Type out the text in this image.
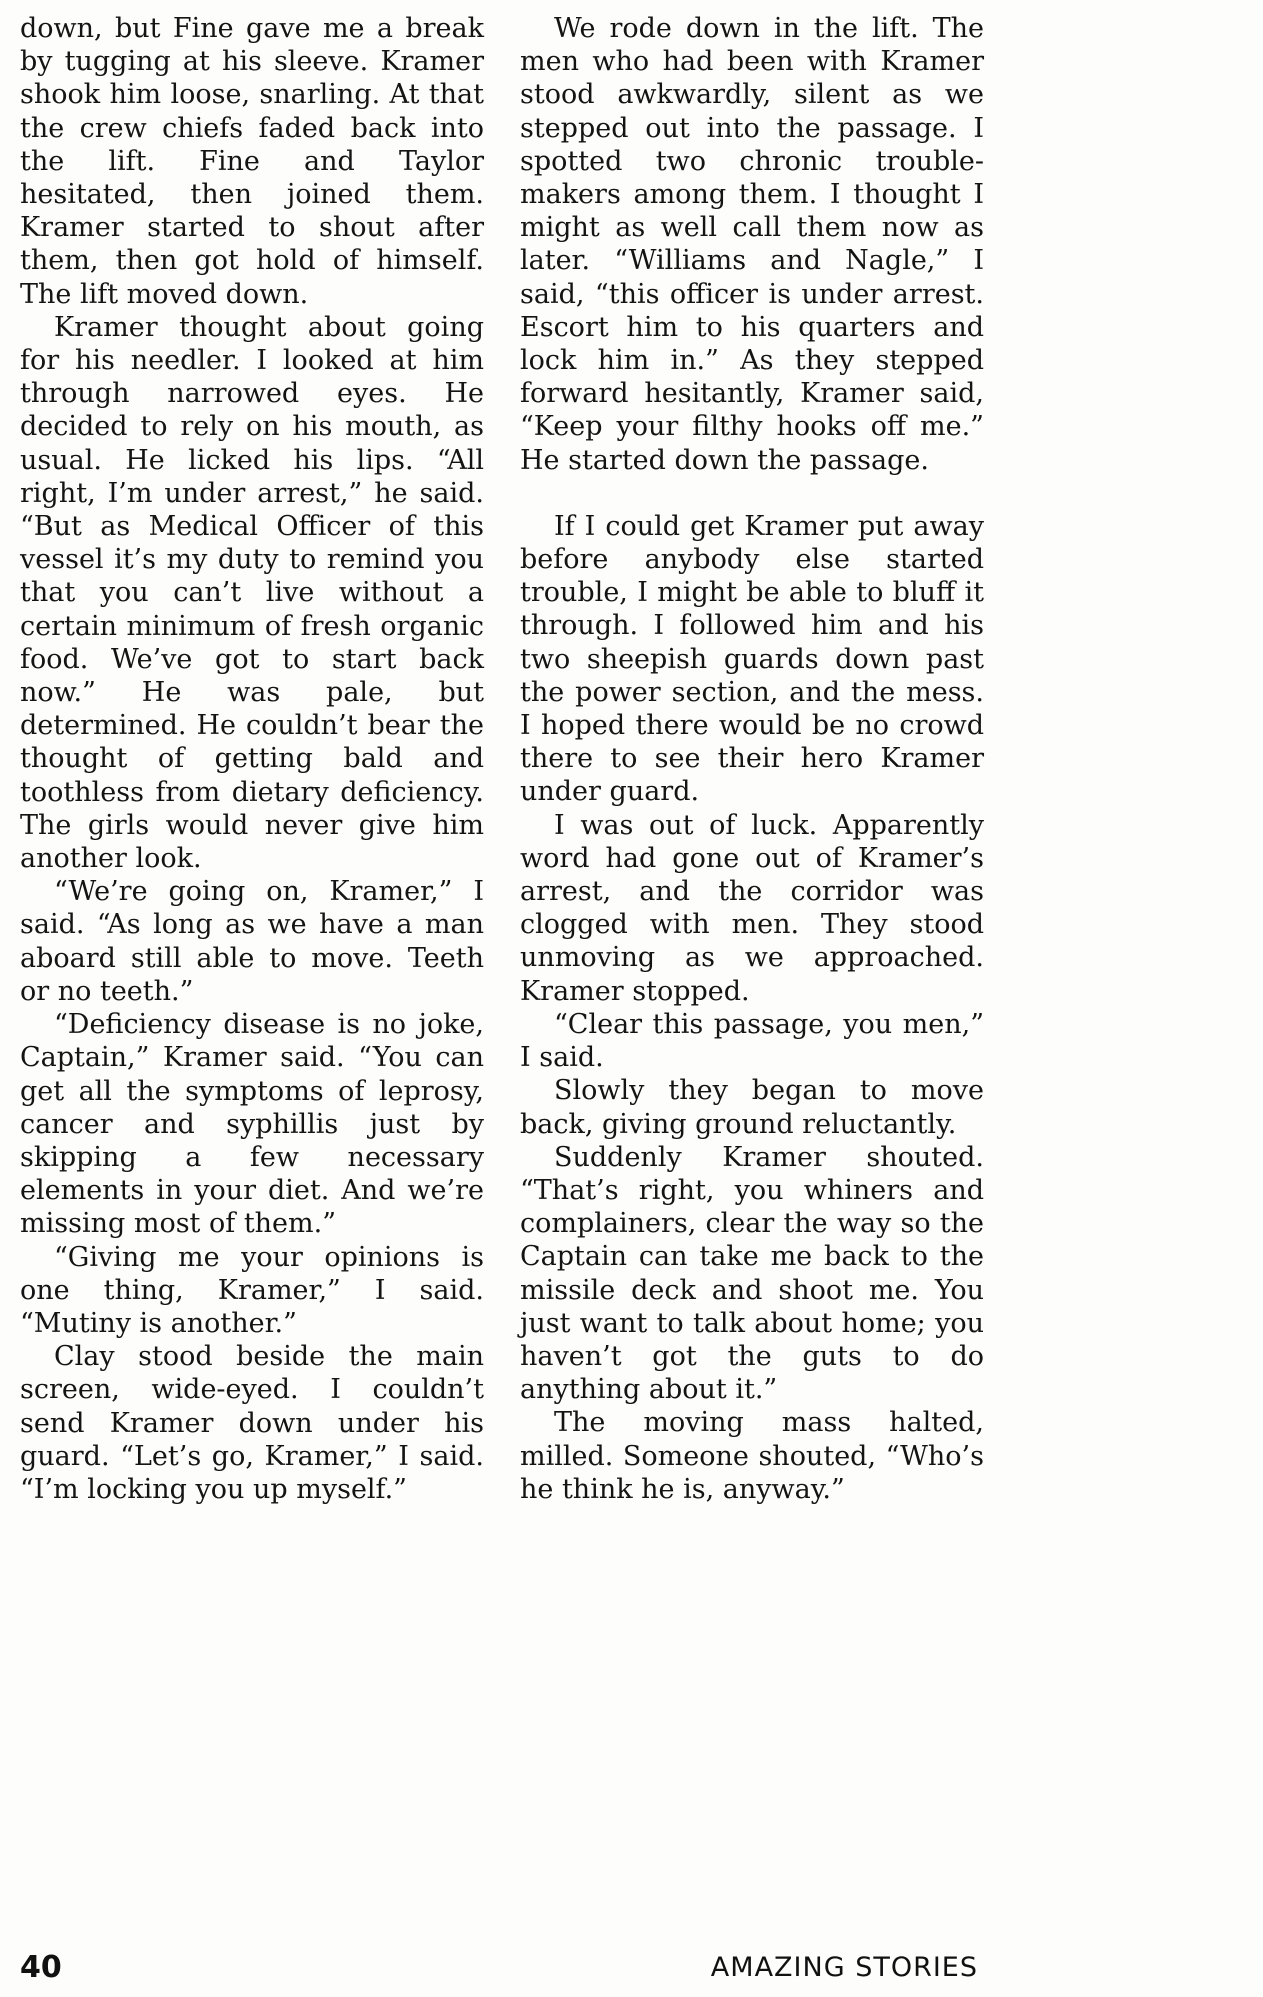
down, but Fine gave me a break by tugging at his sleeve. Kramer shook him loose, snarling. At that the crew chiefs faded back into the lift. Fine and Taylor hesitated, then joined them. Kramer started to shout after them, then got hold of himself. The lift moved down.

Kramer thought about going for his needler. I looked at him through narrowed eyes. He decided to rely on his mouth, as usual. He licked his lips. “All right, I’m under arrest,” he said. “But as Medical Officer of this vessel it’s my duty to remind you that you can’t live without a certain minimum of fresh organic food. We’ve got to start back now.” He was pale, but determined. He couldn’t bear the thought of getting bald and toothless from dietary deficiency. The girls would never give him another look.

“We’re going on, Kramer,” I said. “As long as we have a man aboard still able to move. Teeth or no teeth.”

“Deficiency disease is no joke, Captain,” Kramer said. “You can get all the symptoms of leprosy, cancer and syphillis just by skipping a few necessary elements in your diet. And we’re missing most of them.”

“Giving me your opinions is one thing, Kramer,” I said. “Mutiny is another.”

Clay stood beside the main screen, wide-eyed. I couldn’t send Kramer down under his guard. “Let’s go, Kramer,” I said. “I’m locking you up myself.”

We rode down in the lift. The men who had been with Kramer stood awkwardly, silent as we stepped out into the passage. I spotted two chronic trouble-makers among them. I thought I might as well call them now as later. “Williams and Nagle,” I said, “this officer is under arrest. Escort him to his quarters and lock him in.” As they stepped forward hesitantly, Kramer said, “Keep your filthy hooks off me.” He started down the passage.

If I could get Kramer put away before anybody else started trouble, I might be able to bluff it through. I followed him and his two sheepish guards down past the power section, and the mess. I hoped there would be no crowd there to see their hero Kramer under guard.

I was out of luck. Apparently word had gone out of Kramer’s arrest, and the corridor was clogged with men. They stood unmoving as we approached. Kramer stopped.

“Clear this passage, you men,” I said.

Slowly they began to move back, giving ground reluctantly.

Suddenly Kramer shouted. “That’s right, you whiners and complainers, clear the way so the Captain can take me back to the missile deck and shoot me. You just want to talk about home; you haven’t got the guts to do anything about it.”

The moving mass halted, milled. Someone shouted, “Who’s he think he is, anyway.”

40	AMAZING STORIES
